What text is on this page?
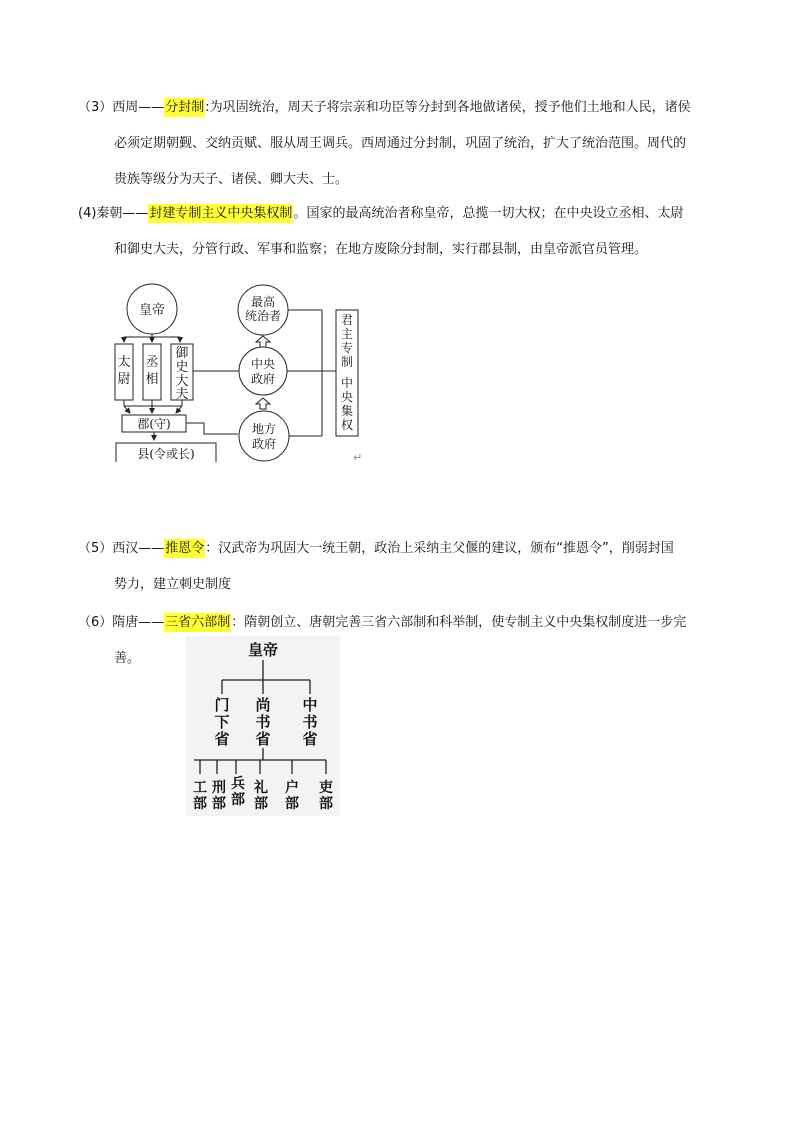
（3）西周——分封制:为巩固统治，周天子将宗亲和功臣等分封到各地做诸侯，授予他们土地和人民，诸侯
必须定期朝觐、交纳贡赋、服从周王调兵。西周通过分封制，巩固了统治，扩大了统治范围。周代的
贵族等级分为天子、诸侯、卿大夫、士。
(4)秦朝——封建专制主义中央集权制。国家的最高统治者称皇帝，总揽一切大权；在中央设立丞相、太尉
和御史大夫，分管行政、军事和监察；在地方废除分封制，实行郡县制，由皇帝派官员管理。
皇帝
太
尉
丞
相
御
史
大
夫
郡(守)
县(令或长)
最高
统治者
中央
政府
地方
政府
君
主
专
制
中
央
集
权
↵
（5）西汉——推恩令：汉武帝为巩固大一统王朝，政治上采纳主父偃的建议，颁布“推恩令”，削弱封国
势力，建立刺史制度
（6）隋唐——三省六部制：隋朝创立、唐朝完善三省六部制和科举制，使专制主义中央集权制度进一步完
善。	皇帝
门
下
省
尚
书
省
中
书
省
工
部
刑
部
兵
部
礼
部
户
部
吏
部
